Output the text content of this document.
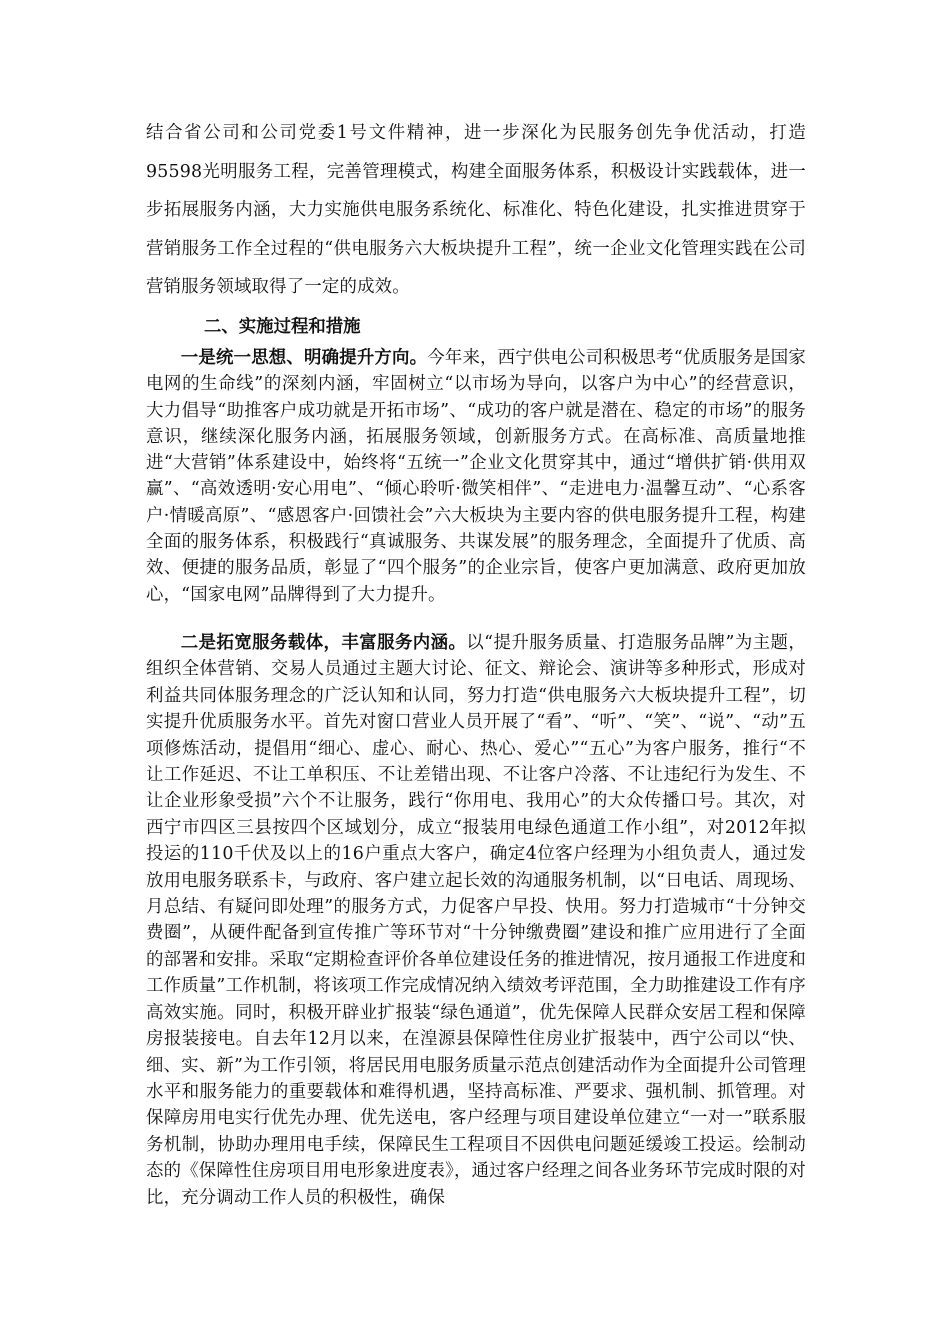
结合省公司和公司党委1号文件精神，进一步深化为民服务创先争优活动，打造95598光明服务工程，完善管理模式，构建全面服务体系，积极设计实践载体，进一步拓展服务内涵，大力实施供电服务系统化、标准化、特色化建设，扎实推进贯穿于营销服务工作全过程的“供电服务六大板块提升工程”，统一企业文化管理实践在公司营销服务领域取得了一定的成效。

二、实施过程和措施

一是统一思想、明确提升方向。今年来，西宁供电公司积极思考“优质服务是国家电网的生命线”的深刻内涵，牢固树立“以市场为导向，以客户为中心”的经营意识，大力倡导“助推客户成功就是开拓市场”、“成功的客户就是潜在、稳定的市场”的服务意识，继续深化服务内涵，拓展服务领域，创新服务方式。在高标准、高质量地推进“大营销”体系建设中，始终将“五统一”企业文化贯穿其中，通过“增供扩销·供用双赢”、“高效透明·安心用电”、“倾心聆听·微笑相伴”、“走进电力·温馨互动”、“心系客户·情暖高原”、“感恩客户·回馈社会”六大板块为主要内容的供电服务提升工程，构建全面的服务体系，积极践行“真诚服务、共谋发展”的服务理念，全面提升了优质、高效、便捷的服务品质，彰显了“四个服务”的企业宗旨，使客户更加满意、政府更加放心，“国家电网”品牌得到了大力提升。

二是拓宽服务载体，丰富服务内涵。以“提升服务质量、打造服务品牌”为主题，组织全体营销、交易人员通过主题大讨论、征文、辩论会、演讲等多种形式，形成对利益共同体服务理念的广泛认知和认同，努力打造“供电服务六大板块提升工程”，切实提升优质服务水平。首先对窗口营业人员开展了“看”、“听”、“笑”、“说”、“动”五项修炼活动，提倡用“细心、虚心、耐心、热心、爱心”“五心”为客户服务，推行“不让工作延迟、不让工单积压、不让差错出现、不让客户冷落、不让违纪行为发生、不让企业形象受损”六个不让服务，践行“你用电、我用心”的大众传播口号。其次，对西宁市四区三县按四个区域划分，成立“报装用电绿色通道工作小组”，对2012年拟投运的110千伏及以上的16户重点大客户，确定4位客户经理为小组负责人，通过发放用电服务联系卡，与政府、客户建立起长效的沟通服务机制，以“日电话、周现场、月总结、有疑问即处理”的服务方式，力促客户早投、快用。努力打造城市“十分钟交费圈”，从硬件配备到宣传推广等环节对“十分钟缴费圈”建设和推广应用进行了全面的部署和安排。采取“定期检查评价各单位建设任务的推进情况，按月通报工作进度和工作质量”工作机制，将该项工作完成情况纳入绩效考评范围，全力助推建设工作有序高效实施。同时，积极开辟业扩报装“绿色通道”，优先保障人民群众安居工程和保障房报装接电。自去年12月以来，在湟源县保障性住房业扩报装中，西宁公司以“快、细、实、新”为工作引领，将居民用电服务质量示范点创建活动作为全面提升公司管理水平和服务能力的重要载体和难得机遇，坚持高标准、严要求、强机制、抓管理。对保障房用电实行优先办理、优先送电，客户经理与项目建设单位建立“一对一”联系服务机制，协助办理用电手续，保障民生工程项目不因供电问题延缓竣工投运。绘制动态的《保障性住房项目用电形象进度表》，通过客户经理之间各业务环节完成时限的对比，充分调动工作人员的积极性，确保
